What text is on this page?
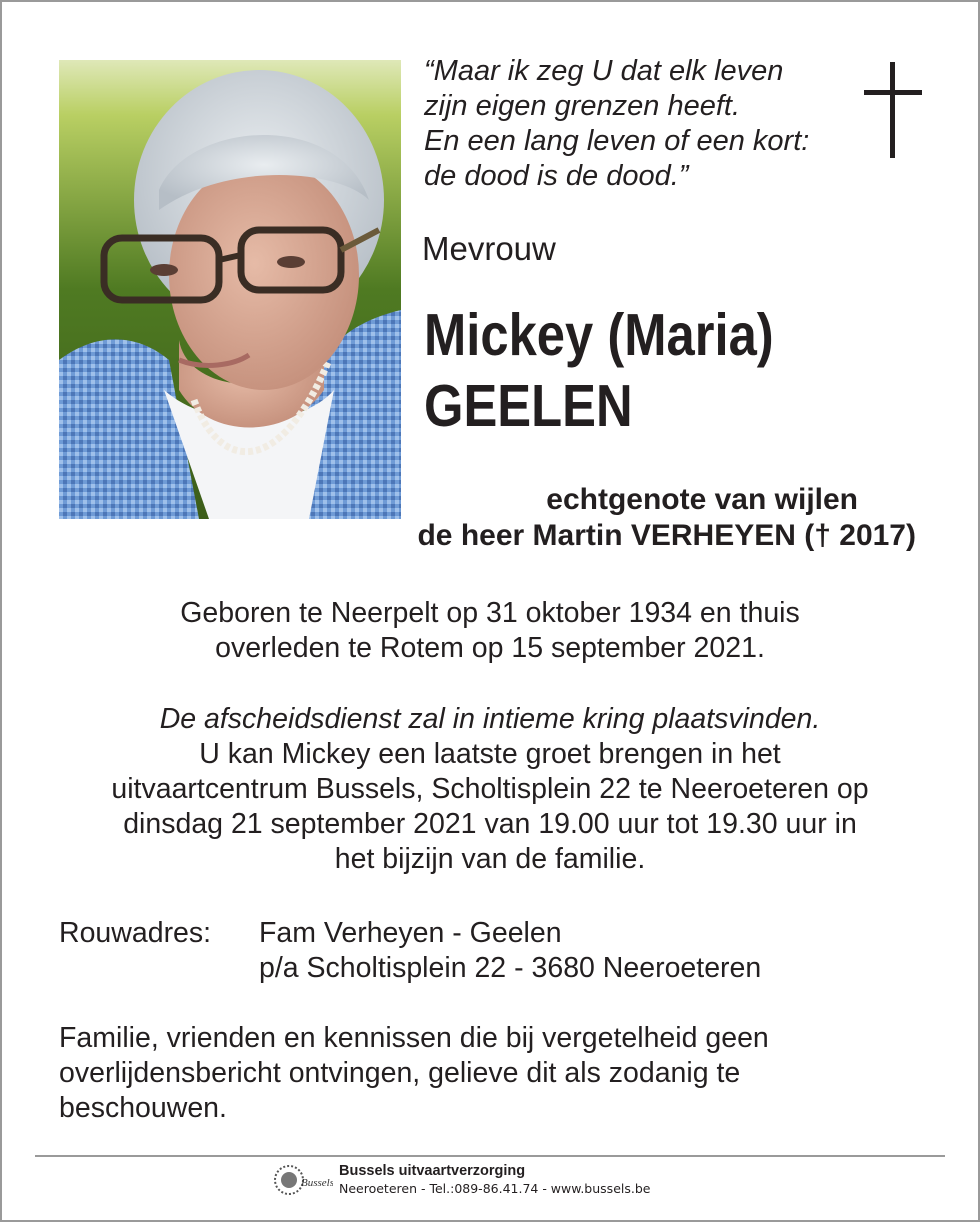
“Maar ik zeg U dat elk leven
zijn eigen grenzen heeft.
En een lang leven of een kort:
de dood is de dood.”
Mevrouw
Mickey (Maria)
GEELEN
echtgenote van wijlen
de heer Martin VERHEYEN († 2017)
Geboren te Neerpelt op 31 oktober 1934 en thuis
overleden te Rotem op 15 september 2021.
De afscheidsdienst zal in intieme kring plaatsvinden.
U kan Mickey een laatste groet brengen in het
uitvaartcentrum Bussels, Scholtisplein 22 te Neeroeteren op
dinsdag 21 september 2021 van 19.00 uur tot 19.30 uur in
het bijzijn van de familie.
Rouwadres:	Fam Verheyen - Geelen
p/a Scholtisplein 22 - 3680 Neeroeteren
Familie, vrienden en kennissen die bij vergetelheid geen
overlijdensbericht ontvingen, gelieve dit als zodanig te
beschouwen.
Bussels
Bussels uitvaartverzorging
Neeroeteren - Tel.:089-86.41.74 - www.bussels.be
